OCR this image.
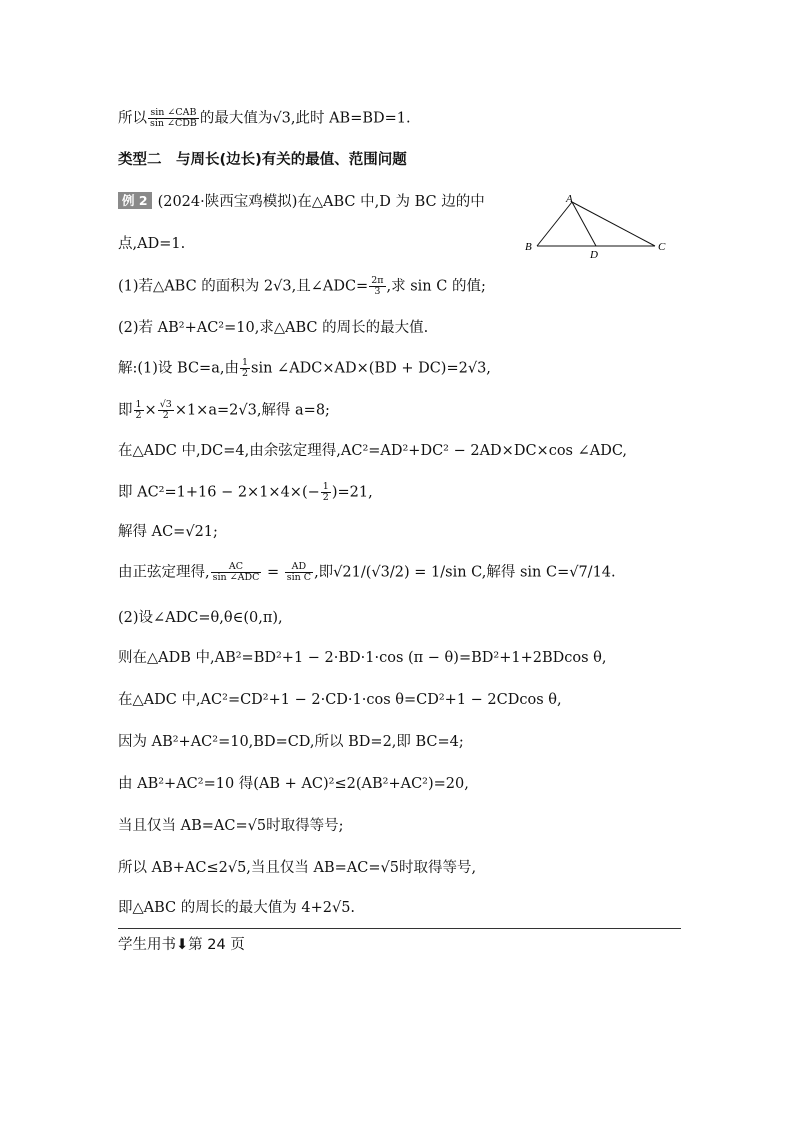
所以 $\frac{\text{sin ∠CAB}}{\text{sin ∠CDB}}$ 的最大值为√3,此时 AB=BD=1.
类型二　与周长(边长)有关的最值、范围问题
例 2 (2024·陕西宝鸡模拟)在△ABC 中,D 为 BC 边的中
点,AD=1.
A
B
D
C
(1)若△ABC 的面积为 2√3,且∠ADC= $\frac{2\pi}{3}$ ,求 sin C 的值;
(2)若 AB²+AC²=10,求△ABC 的周长的最大值.
解:(1)设 BC=a,由 $\frac{1}{2}$ sin ∠ADC×AD×(BD + DC)=2√3,
即 $\frac{1}{2} \times \frac{√3}{2} \times 1\times a=2√3$,解得 a=8;
在△ADC 中,DC=4,由余弦定理得,AC²=AD²+DC² − 2AD×DC×cos ∠ADC,
即 $AC^2=1+16 - 2\times 1\times 4\times(- \frac{1}{2} )=21$,
解得 AC=√21;
由正弦定理得, $\frac{AC}{\text{sin ∠ADC}} = \frac{AD}{\text{sin C}}$ ,即√21/(√3/2) = 1/sin C,解得 sin C=√7/14.
(2)设∠ADC=θ,θ∈(0,π),
则在△ADB 中,AB²=BD²+1 − 2·BD·1·cos (π − θ)=BD²+1+2BDcos θ,
在△ADC 中,AC²=CD²+1 − 2·CD·1·cos θ=CD²+1 − 2CDcos θ,
因为 AB²+AC²=10,BD=CD,所以 BD=2,即 BC=4;
由 AB²+AC²=10 得(AB + AC)²≤2(AB²+AC²)=20,
当且仅当 AB=AC=√5时取得等号;
所以 AB+AC≤2√5,当且仅当 AB=AC=√5时取得等号,
即△ABC 的周长的最大值为 4+2√5.
学生用书⬇第 24 页
